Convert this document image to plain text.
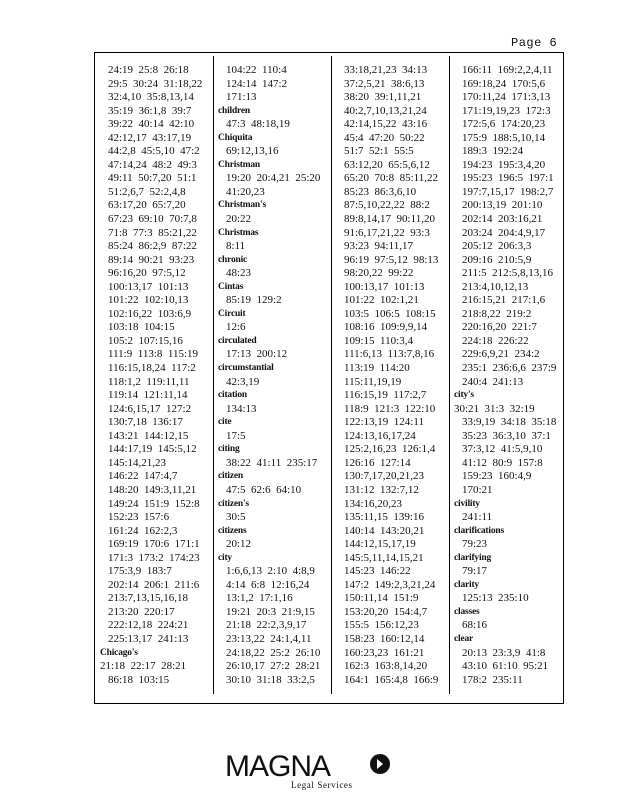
Page 6
24:19  25:8  26:18
29:5  30:24  31:18,22
32:4,10  35:8,13,14
35:19  36:1,8  39:7
39:22  40:14  42:10
42:12,17  43:17,19
44:2,8  45:5,10  47:2
47:14,24  48:2  49:3
49:11  50:7,20  51:1
51:2,6,7  52:2,4,8
63:17,20  65:7,20
67:23  69:10  70:7,8
71:8  77:3  85:21,22
85:24  86:2,9  87:22
89:14  90:21  93:23
96:16,20  97:5,12
100:13,17  101:13
101:22  102:10,13
102:16,22  103:6,9
103:18  104:15
105:2  107:15,16
111:9  113:8  115:19
116:15,18,24  117:2
118:1,2  119:11,11
119:14  121:11,14
124:6,15,17  127:2
130:7,18  136:17
143:21  144:12,15
144:17,19  145:5,12
145:14,21,23
146:22  147:4,7
148:20  149:3,11,21
149:24  151:9  152:8
152:23  157:6
161:24  162:2,3
169:19  170:6  171:1
171:3  173:2  174:23
175:3,9  183:7
202:14  206:1  211:6
213:7,13,15,16,18
213:20  220:17
222:12,18  224:21
225:13,17  241:13
Chicago's
21:18  22:17  28:21
86:18  103:15
104:22  110:4
124:14  147:2
171:13
children
47:3  48:18,19
Chiquita
69:12,13,16
Christman
19:20  20:4,21  25:20
41:20,23
Christman's
20:22
Christmas
8:11
chronic
48:23
Cintas
85:19  129:2
Circuit
12:6
circulated
17:13  200:12
circumstantial
42:3,19
citation
134:13
cite
17:5
citing
38:22  41:11  235:17
citizen
47:5  62:6  64:10
citizen's
30:5
citizens
20:12
city
1:6,6,13  2:10  4:8,9
4:14  6:8  12:16,24
13:1,2  17:1,16
19:21  20:3  21:9,15
21:18  22:2,3,9,17
23:13,22  24:1,4,11
24:18,22  25:2  26:10
26:10,17  27:2  28:21
30:10  31:18  33:2,5
33:18,21,23  34:13
37:2,5,21  38:6,13
38:20  39:1,11,21
40:2,7,10,13,21,24
42:14,15,22  43:16
45:4  47:20  50:22
51:7  52:1  55:5
63:12,20  65:5,6,12
65:20  70:8  85:11,22
85:23  86:3,6,10
87:5,10,22,22  88:2
89:8,14,17  90:11,20
91:6,17,21,22  93:3
93:23  94:11,17
96:19  97:5,12  98:13
98:20,22  99:22
100:13,17  101:13
101:22  102:1,21
103:5  106:5  108:15
108:16  109:9,9,14
109:15  110:3,4
111:6,13  113:7,8,16
113:19  114:20
115:11,19,19
116:15,19  117:2,7
118:9  121:3  122:10
122:13,19  124:11
124:13,16,17,24
125:2,16,23  126:1,4
126:16  127:14
130:7,17,20,21,23
131:12  132:7,12
134:16,20,23
135:11,15  139:16
140:14  143:20,21
144:12,15,17,19
145:5,11,14,15,21
145:23  146:22
147:2  149:2,3,21,24
150:11,14  151:9
153:20,20  154:4,7
155:5  156:12,23
158:23  160:12,14
160:23,23  161:21
162:3  163:8,14,20
164:1  165:4,8  166:9
166:11  169:2,2,4,11
169:18,24  170:5,6
170:11,24  171:3,13
171:19,19,23  172:3
172:5,6  174:20,23
175:9  188:5,10,14
189:3  192:24
194:23  195:3,4,20
195:23  196:5  197:1
197:7,15,17  198:2,7
200:13,19  201:10
202:14  203:16,21
203:24  204:4,9,17
205:12  206:3,3
209:16  210:5,9
211:5  212:5,8,13,16
213:4,10,12,13
216:15,21  217:1,6
218:8,22  219:2
220:16,20  221:7
224:18  226:22
229:6,9,21  234:2
235:1  236:6,6  237:9
240:4  241:13
city's
30:21  31:3  32:19
33:9,19  34:18  35:18
35:23  36:3,10  37:1
37:3,12  41:5,9,10
41:12  80:9  157:8
159:23  160:4,9
170:21
civility
241:11
clarifications
79:23
clarifying
79:17
clarity
125:13  235:10
classes
68:16
clear
20:13  23:3,9  41:8
43:10  61:10  95:21
178:2  235:11
MAGNA
Legal Services
